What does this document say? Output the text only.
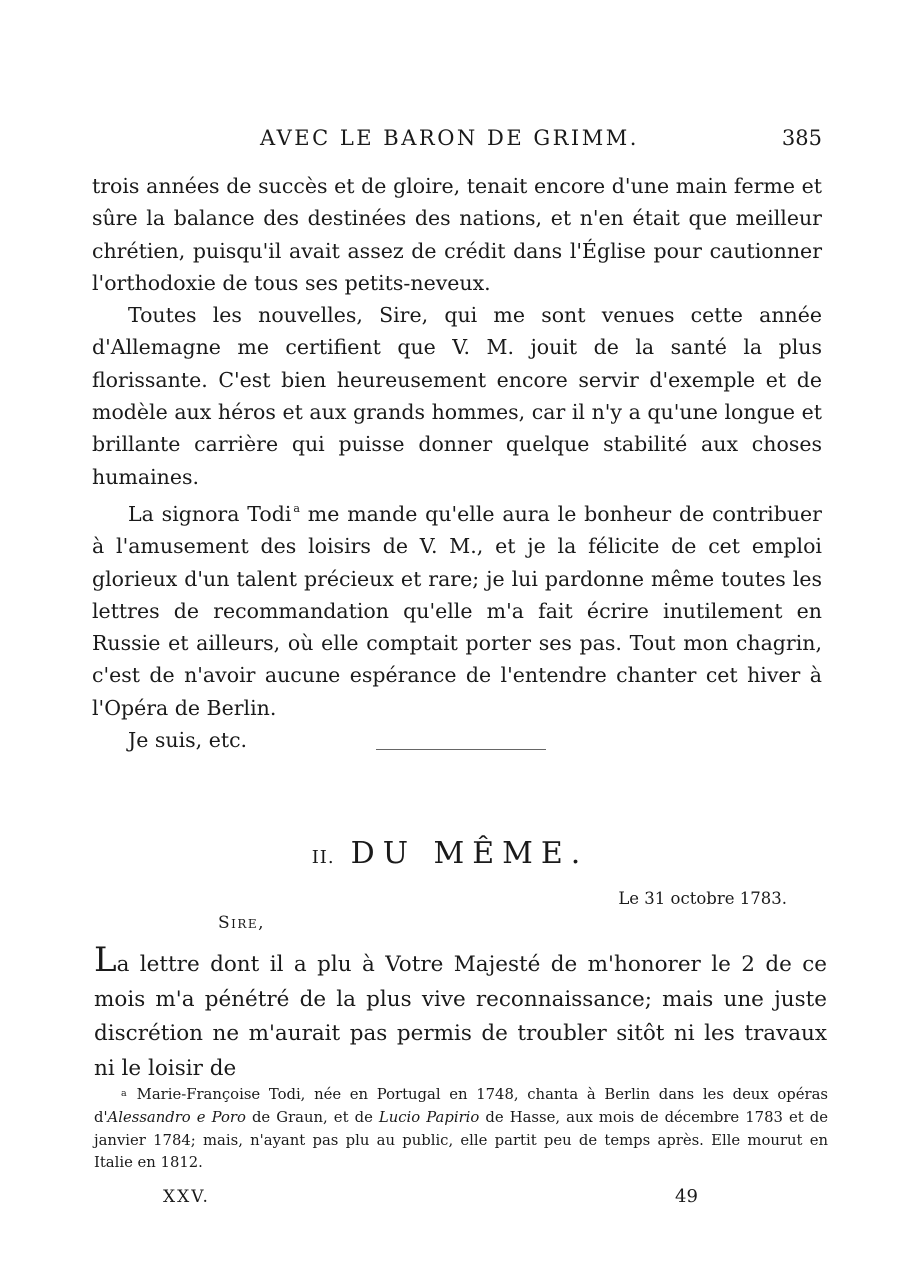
AVEC LE BARON DE GRIMM.	385

trois années de succès et de gloire, tenait encore d'une main ferme et sûre la balance des destinées des nations, et n'en était que meilleur chrétien, puisqu'il avait assez de crédit dans l'Église pour cautionner l'orthodoxie de tous ses petits-neveux.

Toutes les nouvelles, Sire, qui me sont venues cette année d'Allemagne me certifient que V. M. jouit de la santé la plus florissante. C'est bien heureusement encore servir d'exemple et de modèle aux héros et aux grands hommes, car il n'y a qu'une longue et brillante carrière qui puisse donner quelque stabilité aux choses humaines.

La signora Todi $^a$ me mande qu'elle aura le bonheur de contribuer à l'amusement des loisirs de V. M., et je la félicite de cet emploi glorieux d'un talent précieux et rare; je lui pardonne même toutes les lettres de recommandation qu'elle m'a fait écrire inutilement en Russie et ailleurs, où elle comptait porter ses pas. Tout mon chagrin, c'est de n'avoir aucune espérance de l'entendre chanter cet hiver à l'Opéra de Berlin.

Je suis, etc.

II. DU MÊME.
Le 31 octobre 1783.
Sire,

La lettre dont il a plu à Votre Majesté de m'honorer le 2 de ce mois m'a pénétré de la plus vive reconnaissance; mais une juste discrétion ne m'aurait pas permis de troubler sitôt ni les travaux ni le loisir de

$^a$ Marie-Françoise Todi, née en Portugal en 1748, chanta à Berlin dans les deux opéras d'Alessandro e Poro de Graun, et de Lucio Papirio de Hasse, aux mois de décembre 1783 et de janvier 1784; mais, n'ayant pas plu au public, elle partit peu de temps après. Elle mourut en Italie en 1812.

XXV.	49
